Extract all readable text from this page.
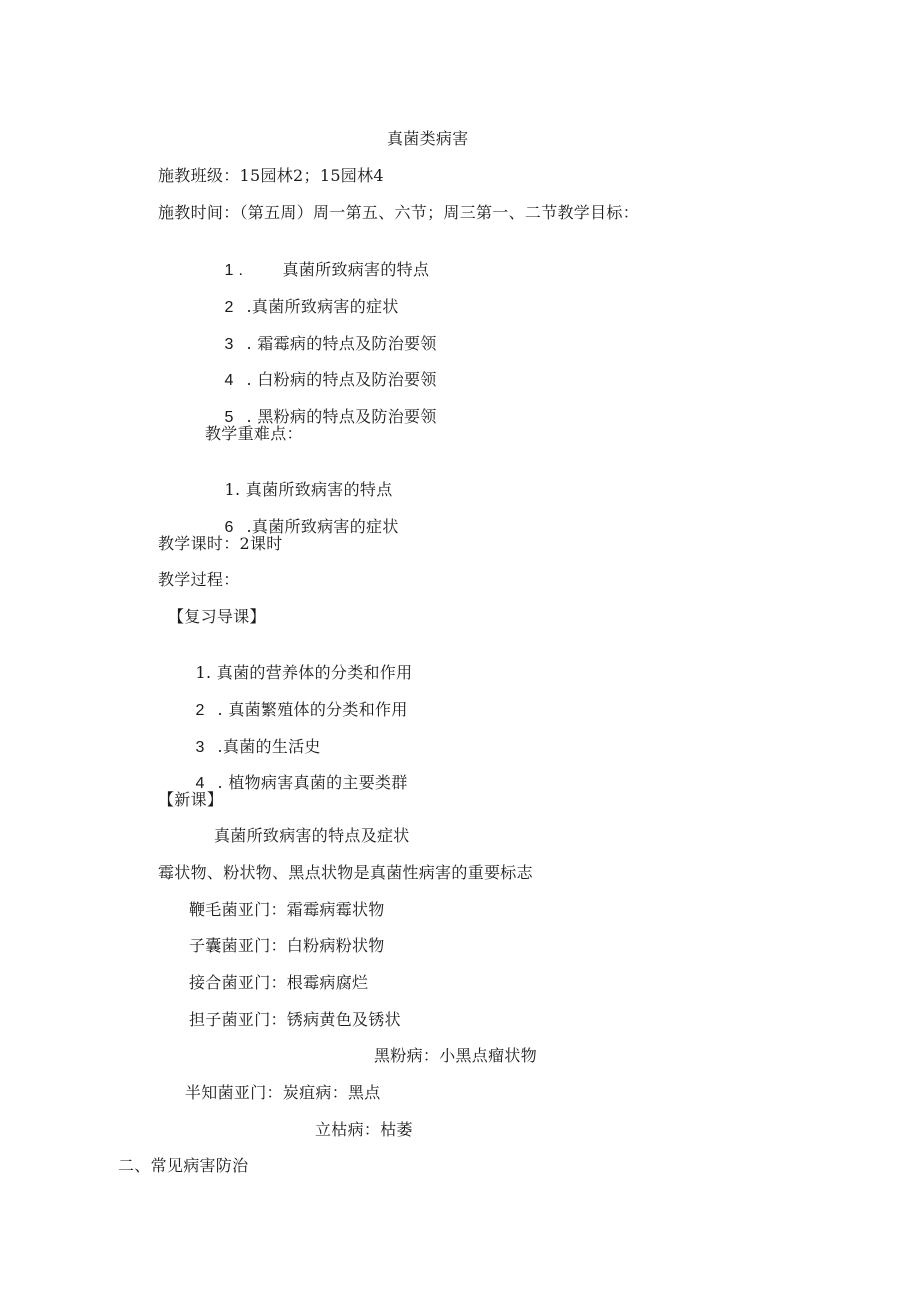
真菌类病害
施教班级：15园林2；15园林4
施教时间：（第五周）周一第五、六节；周三第一、二节教学目标：

1 . 真菌所致病害的特点

2 .真菌所致病害的症状

3 . 霜霉病的特点及防治要领

4 . 白粉病的特点及防治要领

5 . 黑粉病的特点及防治要领

教学重难点：

1. 真菌所致病害的特点

6 .真菌所致病害的症状

教学课时：2课时
教学过程：
【复习导课】

1. 真菌的营养体的分类和作用

2 . 真菌繁殖体的分类和作用

3 .真菌的生活史

4 . 植物病害真菌的主要类群

【新课】
真菌所致病害的特点及症状
霉状物、粉状物、黑点状物是真菌性病害的重要标志
鞭毛菌亚门：霜霉病霉状物
子囊菌亚门：白粉病粉状物
接合菌亚门：根霉病腐烂
担子菌亚门：锈病黄色及锈状
黑粉病：小黑点瘤状物
半知菌亚门：炭疽病：黑点
立枯病：枯萎
二、常见病害防治
